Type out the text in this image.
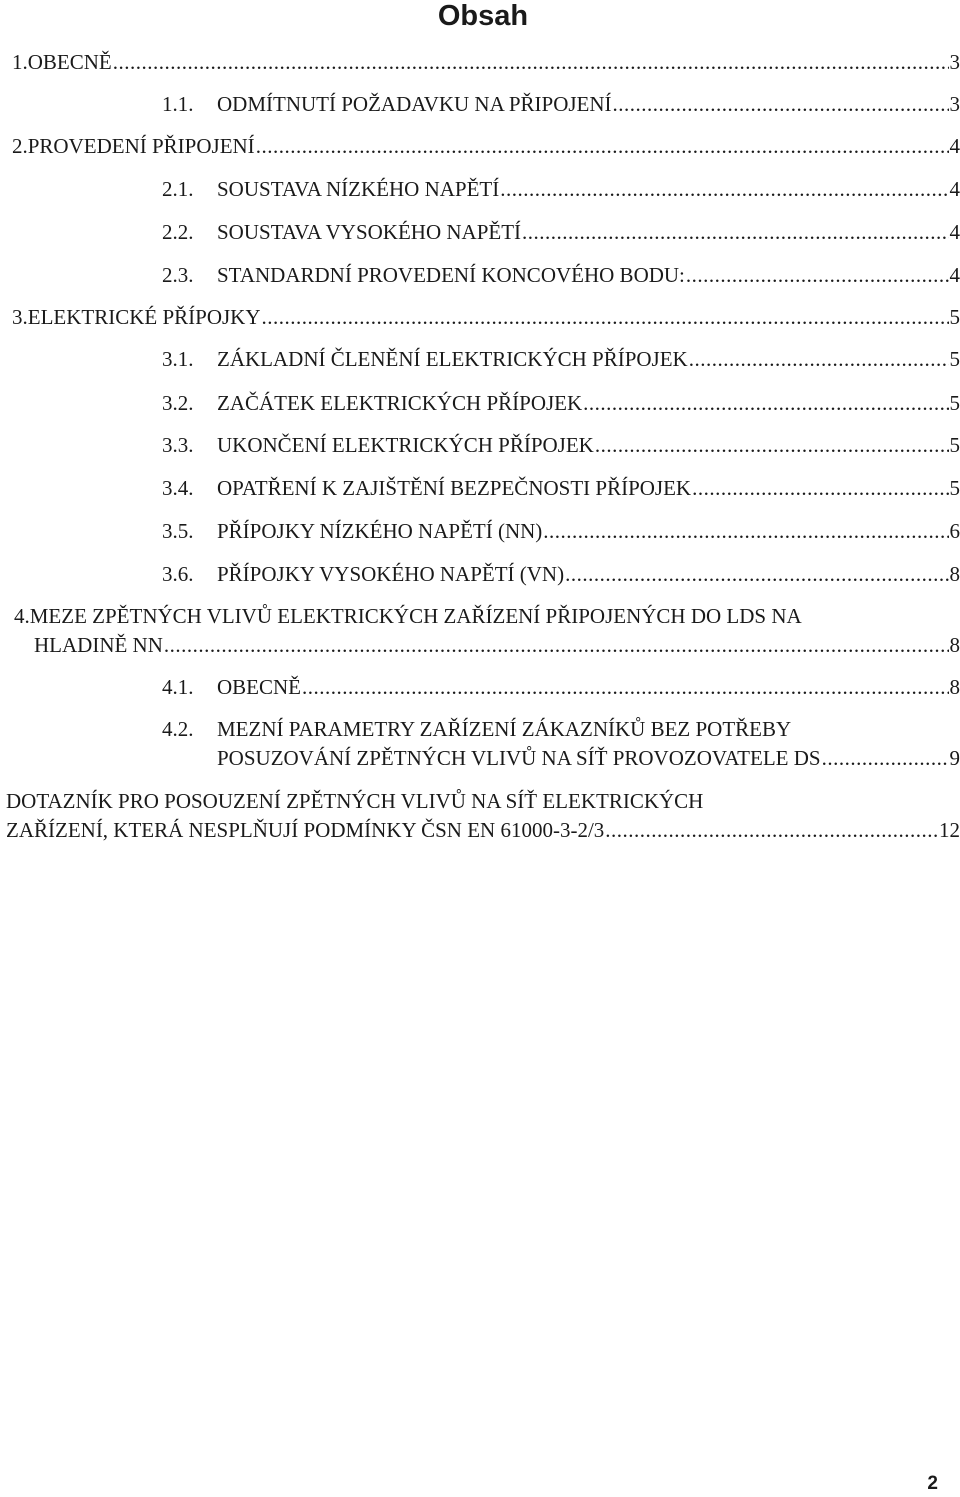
Obsah
1. OBECNĚ .....	3
1.1.	ODMÍTNUTÍ POŽADAVKU NA PŘIPOJENÍ .....	3
2. PROVEDENÍ PŘIPOJENÍ .....	4
2.1.	SOUSTAVA NÍZKÉHO NAPĚTÍ .....	4
2.2.	SOUSTAVA VYSOKÉHO NAPĚTÍ .....	4
2.3.	STANDARDNÍ PROVEDENÍ KONCOVÉHO BODU: .....	4
3. ELEKTRICKÉ PŘÍPOJKY .....	5
3.1.	ZÁKLADNÍ ČLENĚNÍ ELEKTRICKÝCH PŘÍPOJEK .....	5
3.2.	ZAČÁTEK ELEKTRICKÝCH PŘÍPOJEK .....	5
3.3.	UKONČENÍ ELEKTRICKÝCH PŘÍPOJEK .....	5
3.4.	OPATŘENÍ K ZAJIŠTĚNÍ BEZPEČNOSTI PŘÍPOJEK .....	5
3.5.	PŘÍPOJKY NÍZKÉHO NAPĚTÍ (NN) .....	6
3.6.	PŘÍPOJKY VYSOKÉHO NAPĚTÍ (VN) .....	8
4.MEZE ZPĚTNÝCH VLIVŮ ELEKTRICKÝCH ZAŘÍZENÍ PŘIPOJENÝCH DO LDS NA
HLADINĚ NN .....	8
4.1.	OBECNĚ .....	8
4.2. MEZNÍ PARAMETRY ZAŘÍZENÍ ZÁKAZNÍKŮ BEZ POTŘEBY
POSUZOVÁNÍ ZPĚTNÝCH VLIVŮ NA SÍŤ PROVOZOVATELE DS .....	9
DOTAZNÍK PRO POSOUZENÍ ZPĚTNÝCH VLIVŮ NA SÍŤ ELEKTRICKÝCH
ZAŘÍZENÍ, KTERÁ NESPLŇUJÍ PODMÍNKY ČSN EN 61000-3-2/3 .....	12
2
